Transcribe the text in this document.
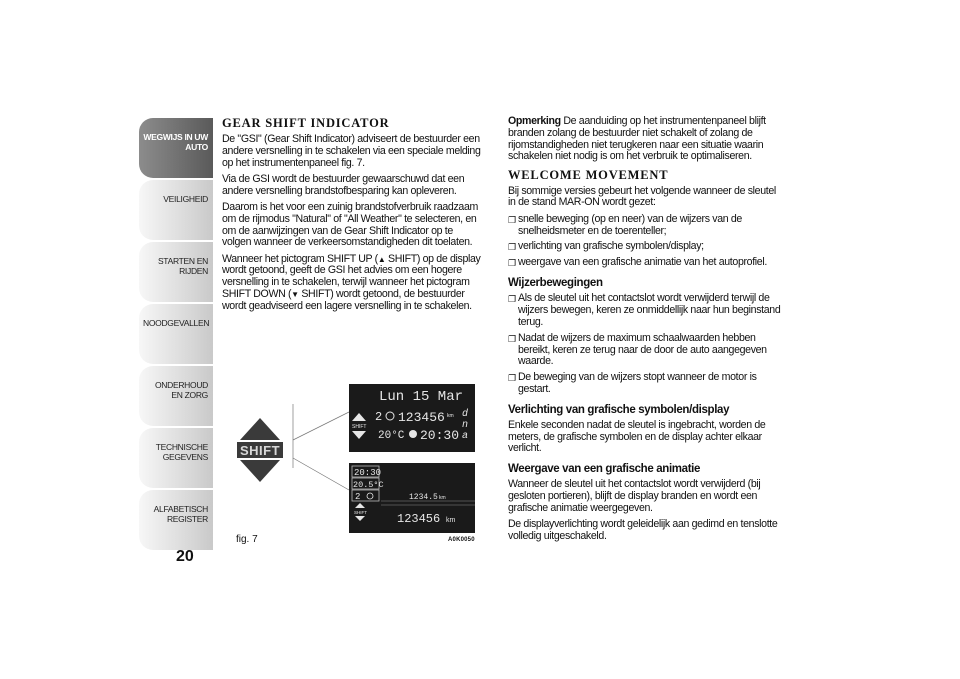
WEGWIJS IN UW AUTO
VEILIGHEID
STARTEN EN RIJDEN
NOODGEVALLEN
ONDERHOUD EN ZORG
TECHNISCHE GEGEVENS
ALFABETISCH REGISTER
20
GEAR SHIFT INDICATOR

De "GSI" (Gear Shift Indicator) adviseert de bestuurder een andere versnelling in te schakelen via een speciale melding op het instrumentenpaneel fig. 7.

Via de GSI wordt de bestuurder gewaarschuwd dat een andere versnelling brandstofbesparing kan opleveren.

Daarom is het voor een zuinig brandstofverbruik raadzaam om de rijmodus "Natural" of "All Weather" te selecteren, en om de aanwijzingen van de Gear Shift Indicator op te volgen wanneer de verkeersomstandigheden dit toelaten.

Wanneer het pictogram SHIFT UP (▲ SHIFT) op de display wordt getoond, geeft de GSI het advies om een hogere versnelling in te schakelen, terwijl wanneer het pictogram SHIFT DOWN (▼ SHIFT) wordt getoond, de bestuurder wordt geadviseerd een lagere versnelling in te schakelen.

SHIFT
Lun 15 Mar
SHIFT
2 123456 km d
n
a
20°C 20:30
20:30
20.5°C
2
SHIFT
1234.5 km
123456 km
fig. 7	A0K0050

Opmerking De aanduiding op het instrumentenpaneel blijft branden zolang de bestuurder niet schakelt of zolang de rijomstandigheden niet terugkeren naar een situatie waarin schakelen niet nodig is om het verbruik te optimaliseren.

WELCOME MOVEMENT

Bij sommige versies gebeurt het volgende wanneer de sleutel in de stand MAR-ON wordt gezet:

❐ snelle beweging (op en neer) van de wijzers van de snelheidsmeter en de toerenteller;
❐ verlichting van grafische symbolen/display;
❐ weergave van een grafische animatie van het autoprofiel.
Wijzerbewegingen
❐ Als de sleutel uit het contactslot wordt verwijderd terwijl de wijzers bewegen, keren ze onmiddellijk naar hun beginstand terug.
❐ Nadat de wijzers de maximum schaalwaarden hebben bereikt, keren ze terug naar de door de auto aangegeven waarde.
❐ De beweging van de wijzers stopt wanneer de motor is gestart.
Verlichting van grafische symbolen/display

Enkele seconden nadat de sleutel is ingebracht, worden de meters, de grafische symbolen en de display achter elkaar verlicht.

Weergave van een grafische animatie

Wanneer de sleutel uit het contactslot wordt verwijderd (bij gesloten portieren), blijft de display branden en wordt een grafische animatie weergegeven.

De displayverlichting wordt geleidelijk aan gedimd en tenslotte volledig uitgeschakeld.
